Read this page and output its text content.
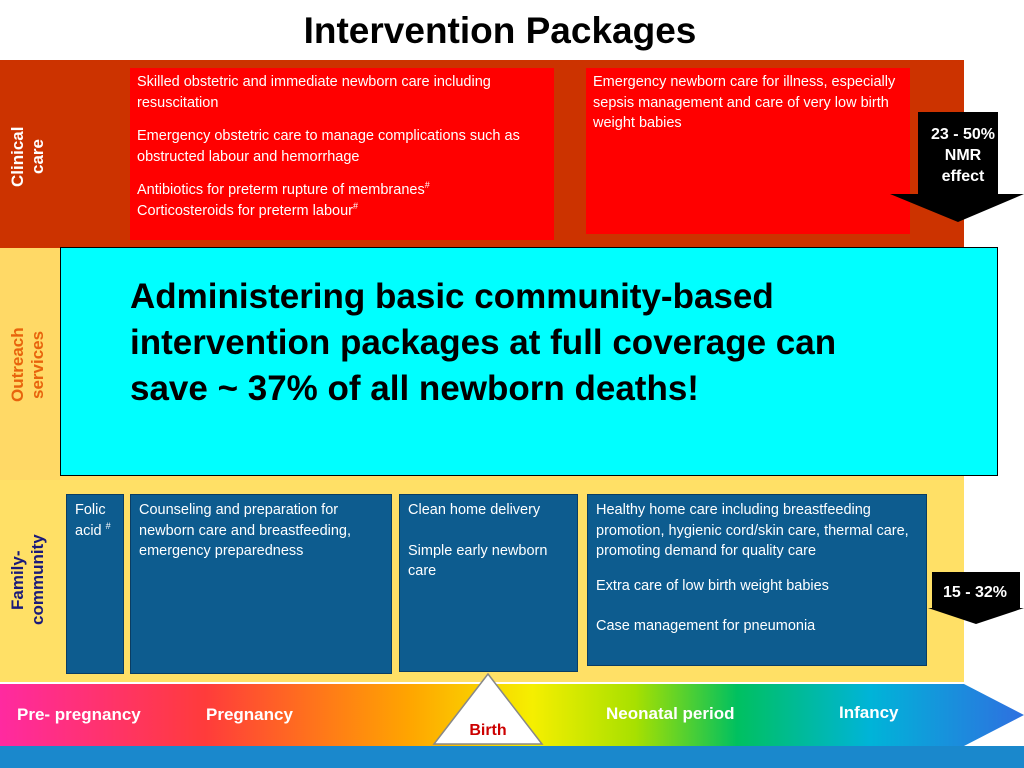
Intervention Packages
Clinical
care
Outreach
services
Family-
community

Skilled obstetric and immediate newborn care including resuscitation

Emergency obstetric care to manage complications such as obstructed labour and hemorrhage

Antibiotics for preterm rupture of membranes#
Corticosteroids for preterm labour#
Emergency newborn care for illness, especially sepsis management and care of very low birth weight babies
23 - 50%
NMR
effect
Folic acid #
Counseling and preparation for newborn care and breastfeeding, emergency preparedness

Clean home delivery

Simple early newborn care

Healthy home care including breastfeeding promotion, hygienic cord/skin care, thermal care, promoting demand for quality care

Extra care of low birth weight babies

Case management for pneumonia
15 - 32%
Administering basic community-based intervention packages at full coverage can save ~ 37% of all newborn deaths!
Pre- pregnancy	Pregnancy	Neonatal period	Infancy
Birth
